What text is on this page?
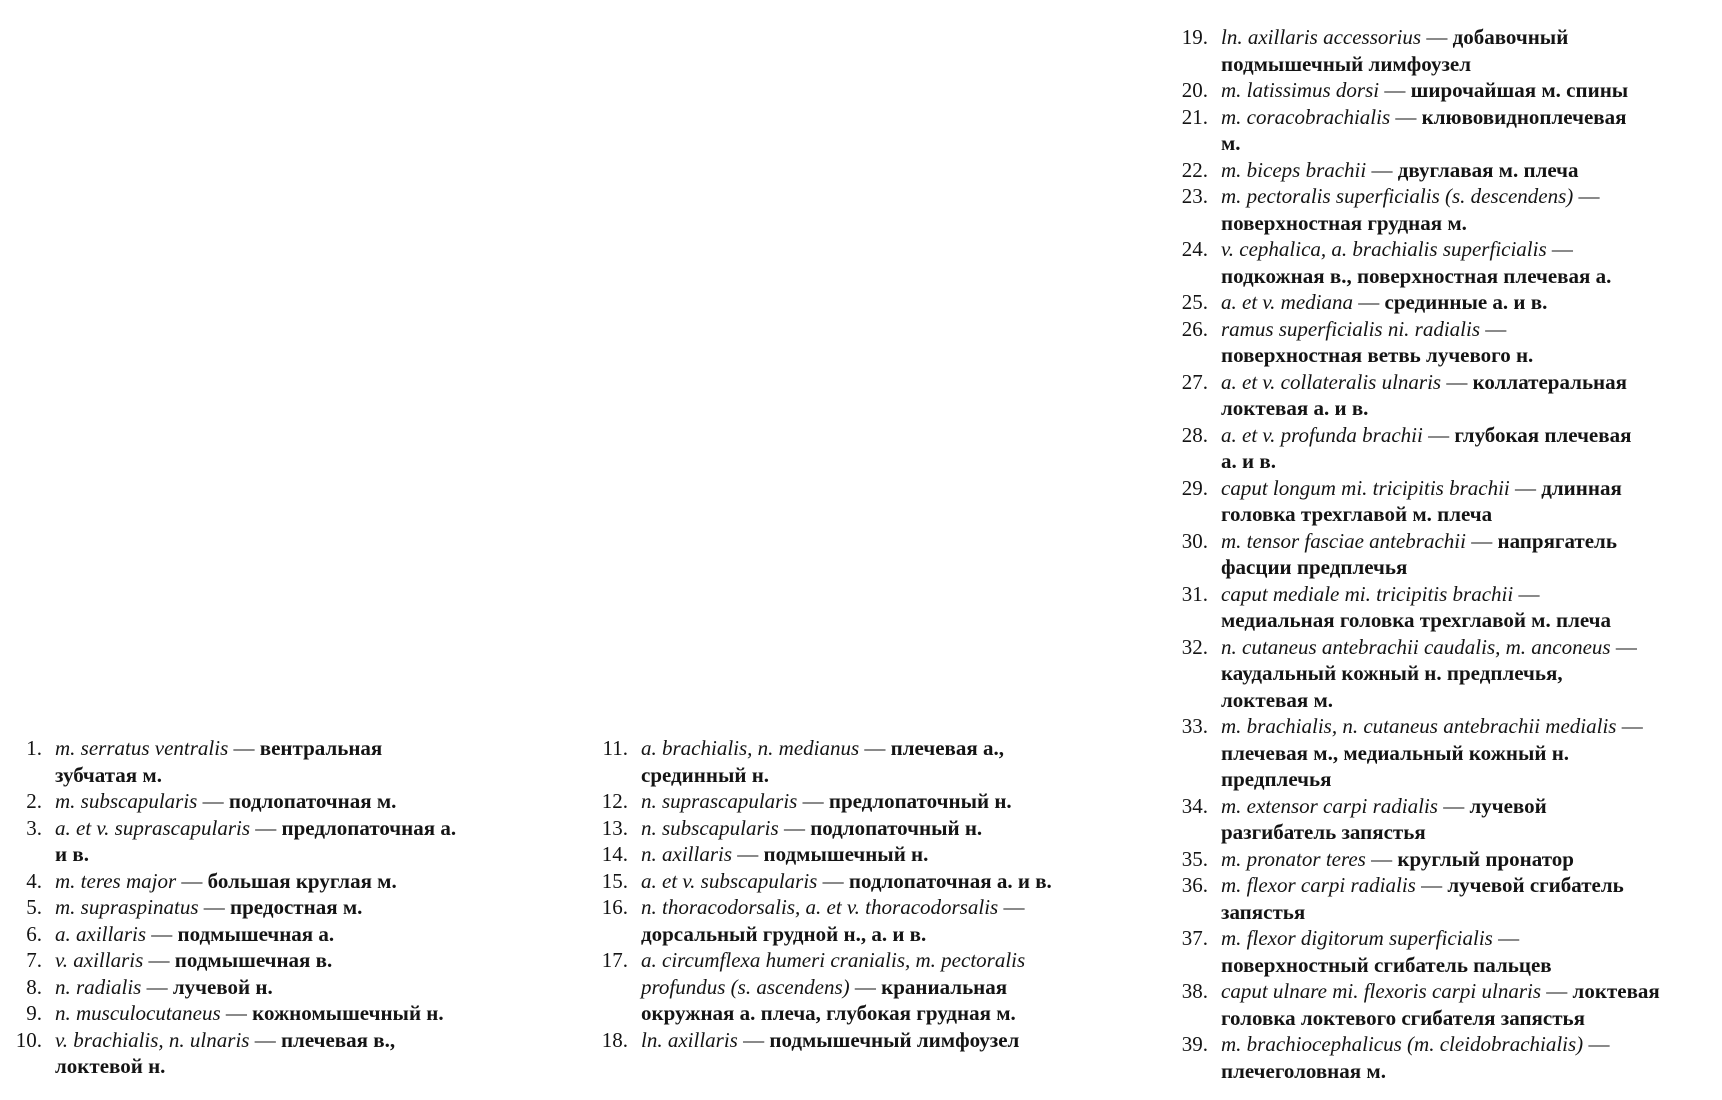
1. m. serratus ventralis — вентральная
зубчатая м.
2. m. subscapularis — подлопаточная м.
3. a. et v. suprascapularis — предлопаточная а.
и в.
4. m. teres major — большая круглая м.
5. m. supraspinatus — предостная м.
6. a. axillaris — подмышечная а.
7. v. axillaris — подмышечная в.
8. n. radialis — лучевой н.
9. n. musculocutaneus — кожномышечный н.
10. v. brachialis, n. ulnaris — плечевая в.,
локтевой н.
11. a. brachialis, n. medianus — плечевая а.,
срединный н.
12. n. suprascapularis — предлопаточный н.
13. n. subscapularis — подлопаточный н.
14. n. axillaris — подмышечный н.
15. a. et v. subscapularis — подлопаточная а. и в.
16. n. thoracodorsalis, a. et v. thoracodorsalis —
дорсальный грудной н., а. и в.
17. a. circumflexa humeri cranialis, m. pectoralis
profundus (s. ascendens) — краниальная
окружная а. плеча, глубокая грудная м.
18. ln. axillaris — подмышечный лимфоузел
19. ln. axillaris accessorius — добавочный
подмышечный лимфоузел
20. m. latissimus dorsi — широчайшая м. спины
21. m. coracobrachialis — клювовидноплечевая
м.
22. m. biceps brachii — двуглавая м. плеча
23. m. pectoralis superficialis (s. descendens) —
поверхностная грудная м.
24. v. cephalica, a. brachialis superficialis —
подкожная в., поверхностная плечевая а.
25. a. et v. mediana — срединные а. и в.
26. ramus superficialis ni. radialis —
поверхностная ветвь лучевого н.
27. a. et v. collateralis ulnaris — коллатеральная
локтевая а. и в.
28. a. et v. profunda brachii — глубокая плечевая
а. и в.
29. caput longum mi. tricipitis brachii — длинная
головка трехглавой м. плеча
30. m. tensor fasciae antebrachii — напрягатель
фасции предплечья
31. caput mediale mi. tricipitis brachii —
медиальная головка трехглавой м. плеча
32. n. cutaneus antebrachii caudalis, m. anconeus —
каудальный кожный н. предплечья,
локтевая м.
33. m. brachialis, n. cutaneus antebrachii medialis —
плечевая м., медиальный кожный н.
предплечья
34. m. extensor carpi radialis — лучевой
разгибатель запястья
35. m. pronator teres — круглый пронатор
36. m. flexor carpi radialis — лучевой сгибатель
запястья
37. m. flexor digitorum superficialis —
поверхностный сгибатель пальцев
38. caput ulnare mi. flexoris carpi ulnaris — локтевая
головка локтевого сгибателя запястья
39. m. brachiocephalicus (m. cleidobrachialis) —
плечеголовная м.
